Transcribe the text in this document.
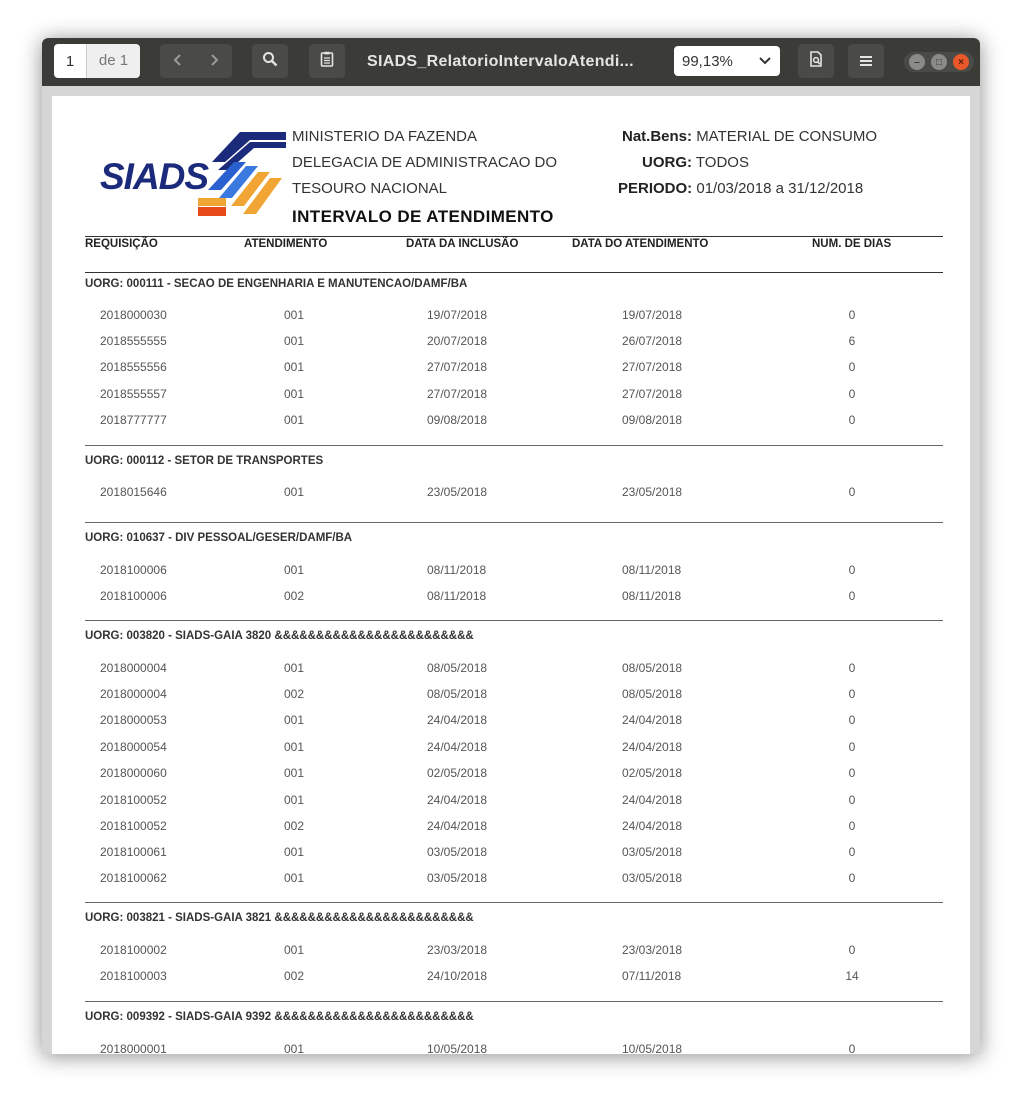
1
de 1	SIADS_RelatorioIntervaloAtendi...	99,13%	– □ ×
SIADS
MINISTERIO DA FAZENDA
DELEGACIA DE ADMINISTRACAO DO
TESOURO NACIONAL
INTERVALO DE ATENDIMENTO
Nat.Bens: MATERIAL DE CONSUMO
UORG: TODOS
PERIODO: 01/03/2018 a 31/12/2018
REQUISIÇÃO	ATENDIMENTO	DATA DA INCLUSÃO	DATA DO ATENDIMENTO	NUM. DE DIAS
UORG: 000111 - SECAO DE ENGENHARIA E MANUTENCAO/DAMF/BA
2018000030	001	19/07/2018	19/07/2018	0
2018555555	001	20/07/2018	26/07/2018	6
2018555556	001	27/07/2018	27/07/2018	0
2018555557	001	27/07/2018	27/07/2018	0
2018777777	001	09/08/2018	09/08/2018	0
UORG: 000112 - SETOR DE TRANSPORTES
2018015646	001	23/05/2018	23/05/2018	0
UORG: 010637 - DIV PESSOAL/GESER/DAMF/BA
2018100006	001	08/11/2018	08/11/2018	0
2018100006	002	08/11/2018	08/11/2018	0
UORG: 003820 - SIADS-GAIA 3820 &&&&&&&&&&&&&&&&&&&&&&&&
2018000004	001	08/05/2018	08/05/2018	0
2018000004	002	08/05/2018	08/05/2018	0
2018000053	001	24/04/2018	24/04/2018	0
2018000054	001	24/04/2018	24/04/2018	0
2018000060	001	02/05/2018	02/05/2018	0
2018100052	001	24/04/2018	24/04/2018	0
2018100052	002	24/04/2018	24/04/2018	0
2018100061	001	03/05/2018	03/05/2018	0
2018100062	001	03/05/2018	03/05/2018	0
UORG: 003821 - SIADS-GAIA 3821 &&&&&&&&&&&&&&&&&&&&&&&&
2018100002	001	23/03/2018	23/03/2018	0
2018100003	002	24/10/2018	07/11/2018	14
UORG: 009392 - SIADS-GAIA 9392 &&&&&&&&&&&&&&&&&&&&&&&&
2018000001	001	10/05/2018	10/05/2018	0
